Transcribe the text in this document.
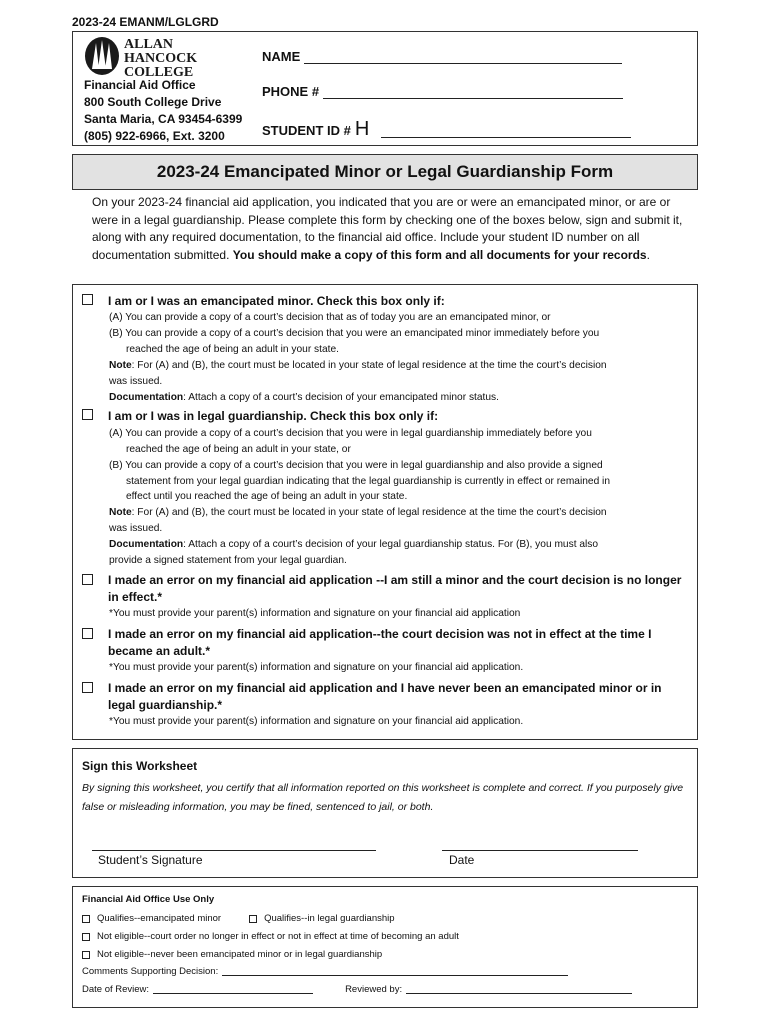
2023-24 EMANM/LGLGRD
ALLAN
HANCOCK
COLLEGE
Financial Aid Office
800 South College Drive
Santa Maria, CA 93454-6399
(805) 922-6966, Ext. 3200
NAME
PHONE #
STUDENT ID # H
2023-24 Emancipated Minor or Legal Guardianship Form
On your 2023-24 financial aid application, you indicated that you are or were an emancipated minor, or are or were in a legal guardianship. Please complete this form by checking one of the boxes below, sign and submit it, along with any required documentation, to the financial aid office. Include your student ID number on all documentation submitted. You should make a copy of this form and all documents for your records.
I am or I was an emancipated minor. Check this box only if:
(A) You can provide a copy of a court’s decision that as of today you are an emancipated minor, or
(B) You can provide a copy of a court’s decision that you were an emancipated minor immediately before you
reached the age of being an adult in your state.
Note: For (A) and (B), the court must be located in your state of legal residence at the time the court’s decision
was issued.
Documentation: Attach a copy of a court’s decision of your emancipated minor status.
I am or I was in legal guardianship. Check this box only if:
(A) You can provide a copy of a court’s decision that you were in legal guardianship immediately before you
reached the age of being an adult in your state, or
(B) You can provide a copy of a court’s decision that you were in legal guardianship and also provide a signed
statement from your legal guardian indicating that the legal guardianship is currently in effect or remained in
effect until you reached the age of being an adult in your state.
Note: For (A) and (B), the court must be located in your state of legal residence at the time the court’s decision
was issued.
Documentation: Attach a copy of a court’s decision of your legal guardianship status. For (B), you must also
provide a signed statement from your legal guardian.
I made an error on my financial aid application --I am still a minor and the court decision is no longer in effect.*
*You must provide your parent(s) information and signature on your financial aid application
I made an error on my financial aid application--the court decision was not in effect at the time I became an adult.*
*You must provide your parent(s) information and signature on your financial aid application.
I made an error on my financial aid application and I have never been an emancipated minor or in legal guardianship.*
*You must provide your parent(s) information and signature on your financial aid application.
Sign this Worksheet
By signing this worksheet, you certify that all information reported on this worksheet is complete and correct. If you purposely give false or misleading information, you may be fined, sentenced to jail, or both.
Student’s Signature	Date
Financial Aid Office Use Only
Qualifies--emancipated minor	Qualifies--in legal guardianship
Not eligible--court order no longer in effect or not in effect at time of becoming an adult
Not eligible--never been emancipated minor or in legal guardianship
Comments Supporting Decision:
Date of Review:	Reviewed by:
